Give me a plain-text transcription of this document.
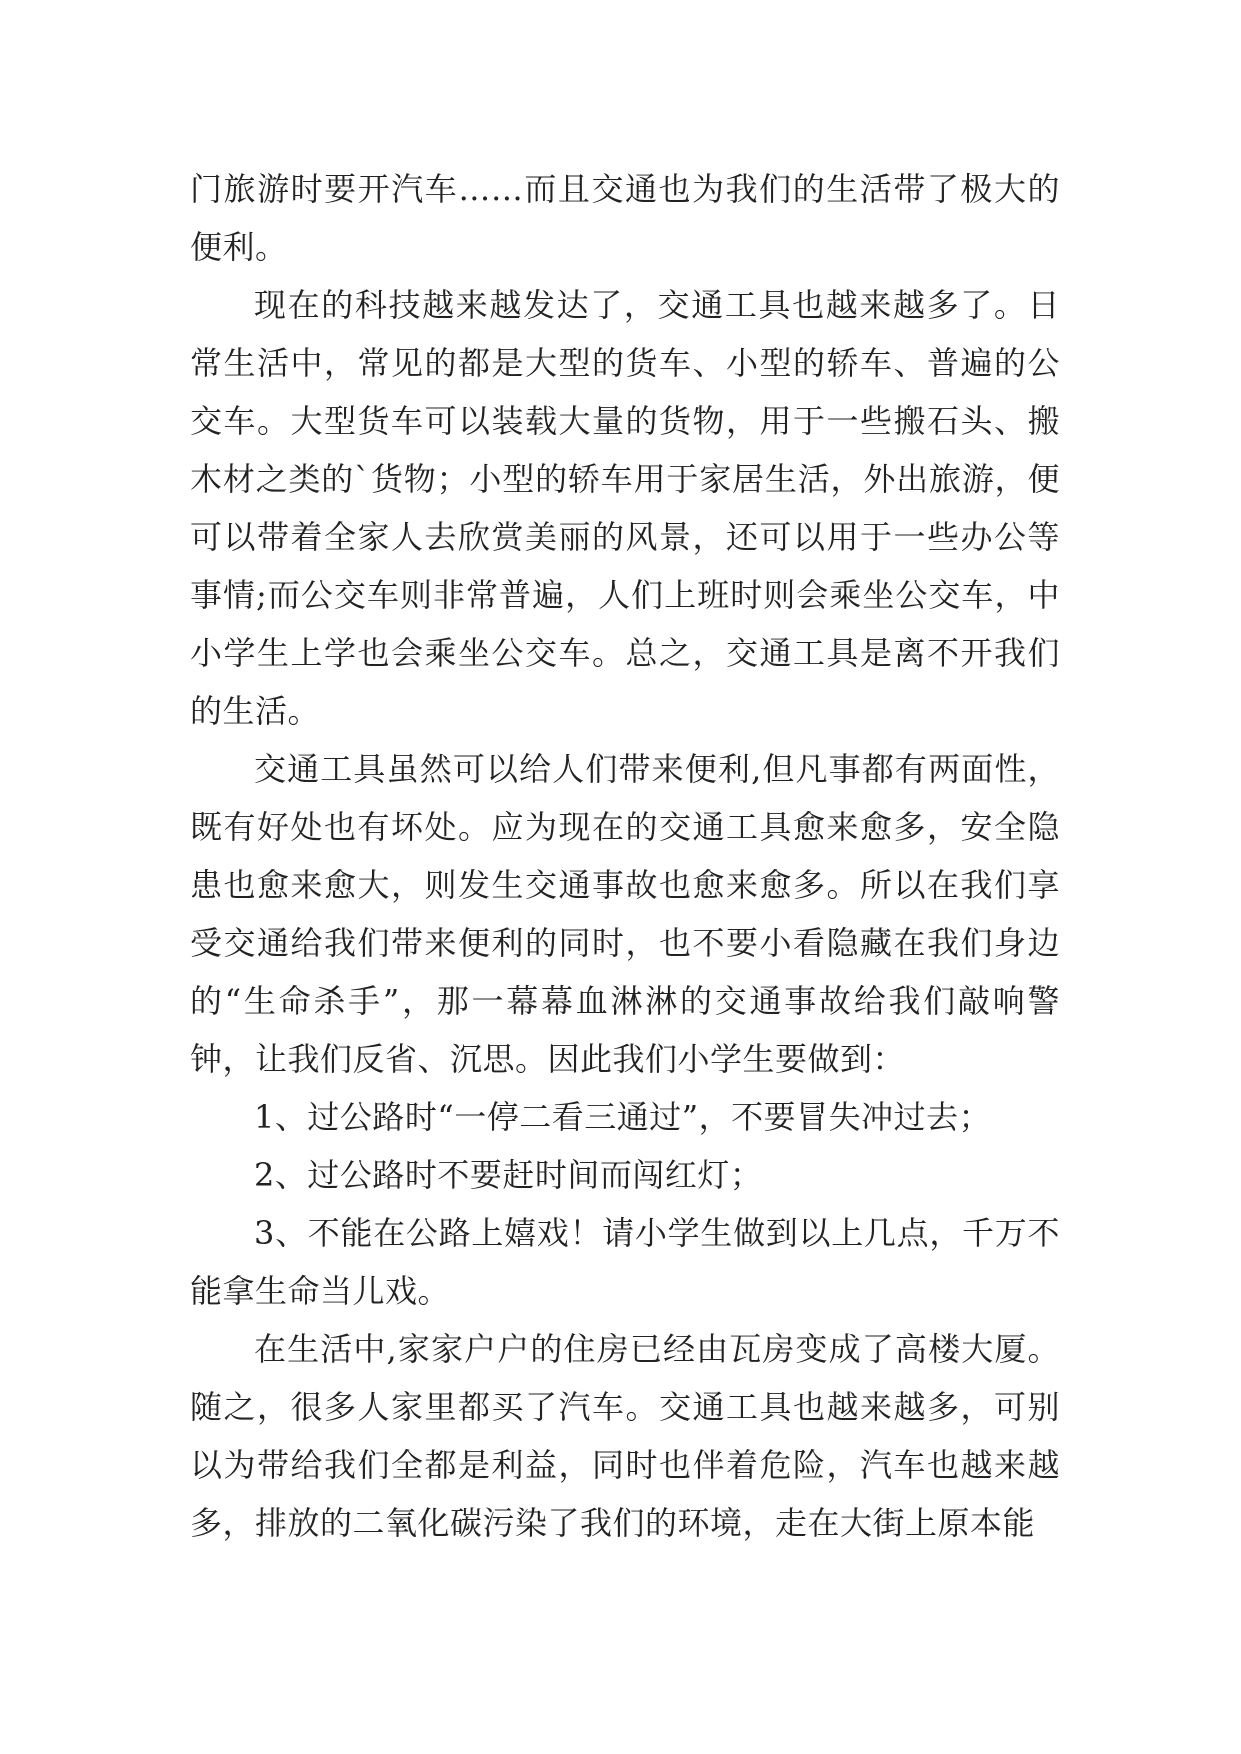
门旅游时要开汽车……而且交通也为我们的生活带了极大的便利。

现在的科技越来越发达了，交通工具也越来越多了。日常生活中，常见的都是大型的货车、小型的轿车、普遍的公交车。大型货车可以装载大量的货物，用于一些搬石头、搬木材之类的`货物；小型的轿车用于家居生活，外出旅游，便可以带着全家人去欣赏美丽的风景，还可以用于一些办公等事情;而公交车则非常普遍，人们上班时则会乘坐公交车，中小学生上学也会乘坐公交车。总之，交通工具是离不开我们的生活。

交通工具虽然可以给人们带来便利,但凡事都有两面性，既有好处也有坏处。应为现在的交通工具愈来愈多，安全隐患也愈来愈大，则发生交通事故也愈来愈多。所以在我们享受交通给我们带来便利的同时，也不要小看隐藏在我们身边的“生命杀手”，那一幕幕血淋淋的交通事故给我们敲响警钟，让我们反省、沉思。因此我们小学生要做到：

1、过公路时“一停二看三通过”，不要冒失冲过去；

2、过公路时不要赶时间而闯红灯；

3、不能在公路上嬉戏！请小学生做到以上几点，千万不能拿生命当儿戏。

在生活中,家家户户的住房已经由瓦房变成了高楼大厦。随之，很多人家里都买了汽车。交通工具也越来越多，可别以为带给我们全都是利益，同时也伴着危险，汽车也越来越多，排放的二氧化碳污染了我们的环境，走在大街上原本能
